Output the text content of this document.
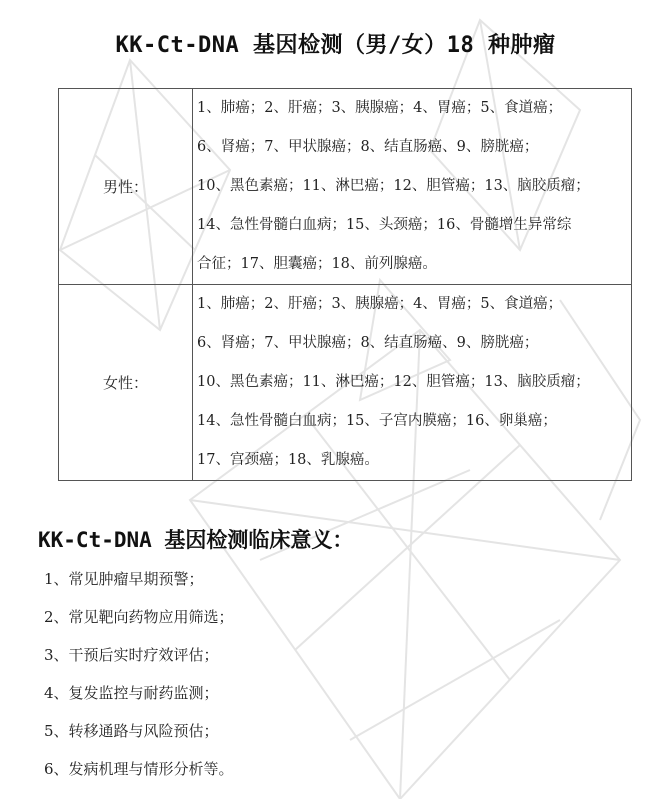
KK-Ct-DNA 基因检测（男/女）18 种肿瘤
男性：	1、肺癌；2、肝癌；3、胰腺癌；4、胃癌；5、食道癌；
6、肾癌；7、甲状腺癌；8、结直肠癌、9、膀胱癌；
10、黑色素癌；11、淋巴癌；12、胆管癌；13、脑胶质瘤；
14、急性骨髓白血病；15、头颈癌；16、骨髓增生异常综
合征；17、胆囊癌；18、前列腺癌。

女性：	1、肺癌；2、肝癌；3、胰腺癌；4、胃癌；5、食道癌；
6、肾癌；7、甲状腺癌；8、结直肠癌、9、膀胱癌；
10、黑色素癌；11、淋巴癌；12、胆管癌；13、脑胶质瘤；
14、急性骨髓白血病；15、子宫内膜癌；16、卵巢癌；
17、宫颈癌；18、乳腺癌。
KK-Ct-DNA 基因检测临床意义：
1、常见肿瘤早期预警；
2、常见靶向药物应用筛选；
3、干预后实时疗效评估；
4、复发监控与耐药监测；
5、转移通路与风险预估；
6、发病机理与情形分析等。
